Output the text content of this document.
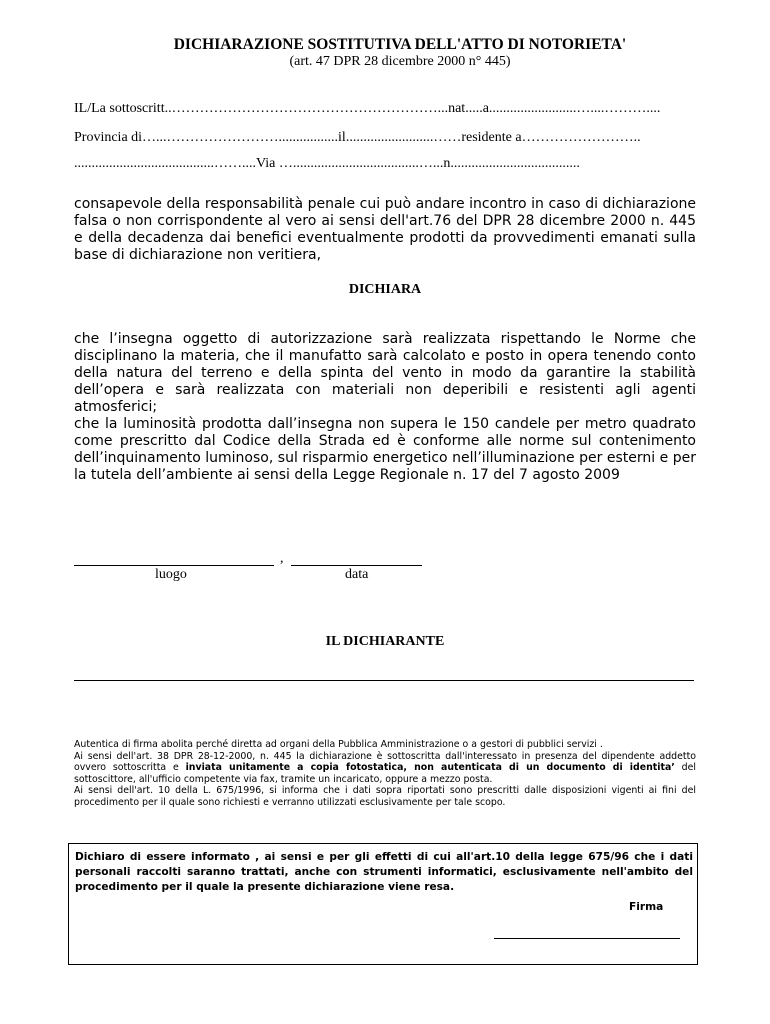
DICHIARAZIONE SOSTITUTIVA DELL'ATTO DI NOTORIETA'
(art. 47 DPR 28 dicembre 2000 n° 445)
IL/La sottoscritt..…………………………………………………...nat.....a.........................…....………....
Provincia di…...…………………….................il.........................……residente a……………………..
........................................……....Via …....................................…...n.....................................
consapevole della responsabilità penale cui può andare incontro in caso di dichiarazione falsa o non corrispondente al vero ai sensi dell'art.76 del DPR 28 dicembre 2000 n. 445 e della decadenza dai benefici eventualmente prodotti da provvedimenti emanati sulla base di dichiarazione non veritiera,
DICHIARA
che l’insegna oggetto di autorizzazione sarà realizzata rispettando le Norme che disciplinano la materia, che il manufatto sarà calcolato e posto in opera tenendo conto della natura del terreno e della spinta del vento in modo da garantire la stabilità dell’opera e sarà realizzata con materiali non deperibili e resistenti agli agenti atmosferici;
che la luminosità prodotta dall’insegna non supera le 150 candele per metro quadrato come prescritto dal Codice della Strada ed è conforme alle norme sul contenimento dell’inquinamento luminoso, sul risparmio energetico nell’illuminazione per esterni e per la tutela dell’ambiente ai sensi della Legge Regionale n. 17 del 7 agosto 2009
,
luogo	data
IL DICHIARANTE
Autentica di firma abolita perché diretta ad organi della Pubblica Amministrazione o a gestori di pubblici servizi .
Ai sensi dell'art. 38 DPR 28-12-2000, n. 445 la dichiarazione è sottoscritta dall'interessato in presenza del dipendente addetto ovvero sottoscritta e inviata unitamente a copia fotostatica, non autenticata di un documento di identita’ del sottoscittore, all'ufficio competente via fax, tramite un incaricato, oppure a mezzo posta.
Ai sensi dell'art. 10 della L. 675/1996, si informa che i dati sopra riportati sono prescritti dalle disposizioni vigenti ai fini del procedimento per il quale sono richiesti e verranno utilizzati esclusivamente per tale scopo.
Dichiaro di essere informato , ai sensi e per gli effetti di cui all'art.10 della legge 675/96 che i dati personali raccolti saranno trattati, anche con strumenti informatici, esclusivamente nell'ambito del procedimento per il quale la presente dichiarazione viene resa.
Firma
